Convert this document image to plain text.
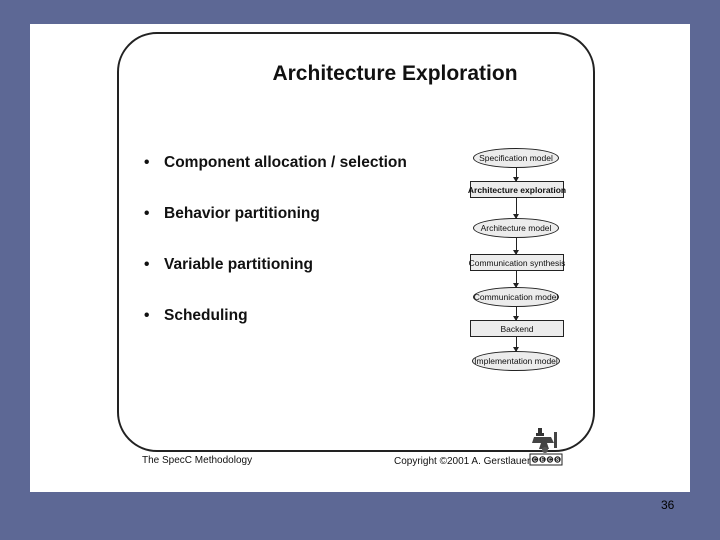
Architecture Exploration
• Component allocation / selection
• Behavior partitioning
• Variable partitioning
• Scheduling
Specification model
Architecture exploration
Architecture model
Communication synthesis
Communication model
Backend
Implementation model
The SpecC Methodology	Copyright ©2001 A. Gerstlauer C E C S
36
